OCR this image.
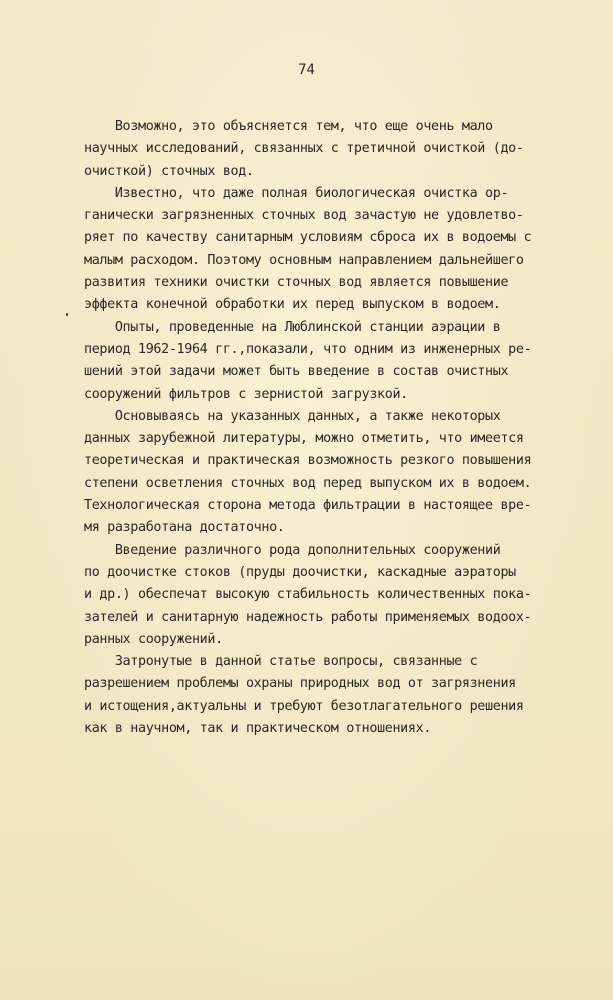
74
Возможно, это объясняется тем, что еще очень мало
научных исследований, связанных с третичной очисткой (до-
очисткой) сточных вод.
Известно, что даже полная биологическая очистка ор-
ганически загрязненных сточных вод зачастую не удовлетво-
ряет по качеству санитарным условиям сброса их в водоемы с
малым расходом. Поэтому основным направлением дальнейшего
развития техники очистки сточных вод является повышение
эффекта конечной обработки их перед выпуском в водоем.
Опыты, проведенные на Люблинской станции аэрации в
период 1962-1964 гг.,показали, что одним из инженерных ре-
шений этой задачи может быть введение в состав очистных
сооружений фильтров с зернистой загрузкой.
Основываясь на указанных данных, а также некоторых
данных зарубежной литературы, можно отметить, что имеется
теоретическая и практическая возможность резкого повышения
степени осветления сточных вод перед выпуском их в водоем.
Технологическая сторона метода фильтрации в настоящее вре-
мя разработана достаточно.
Введение различного рода дополнительных сооружений
по доочистке стоков (пруды доочистки, каскадные аэраторы
и др.) обеспечат высокую стабильность количественных пока-
зателей и санитарную надежность работы применяемых водоох-
ранных сооружений.
Затронутые в данной статье вопросы, связанные с
разрешением проблемы охраны природных вод от загрязнения
и истощения,актуальны и требуют безотлагательного решения
как в научном, так и практическом отношениях.
